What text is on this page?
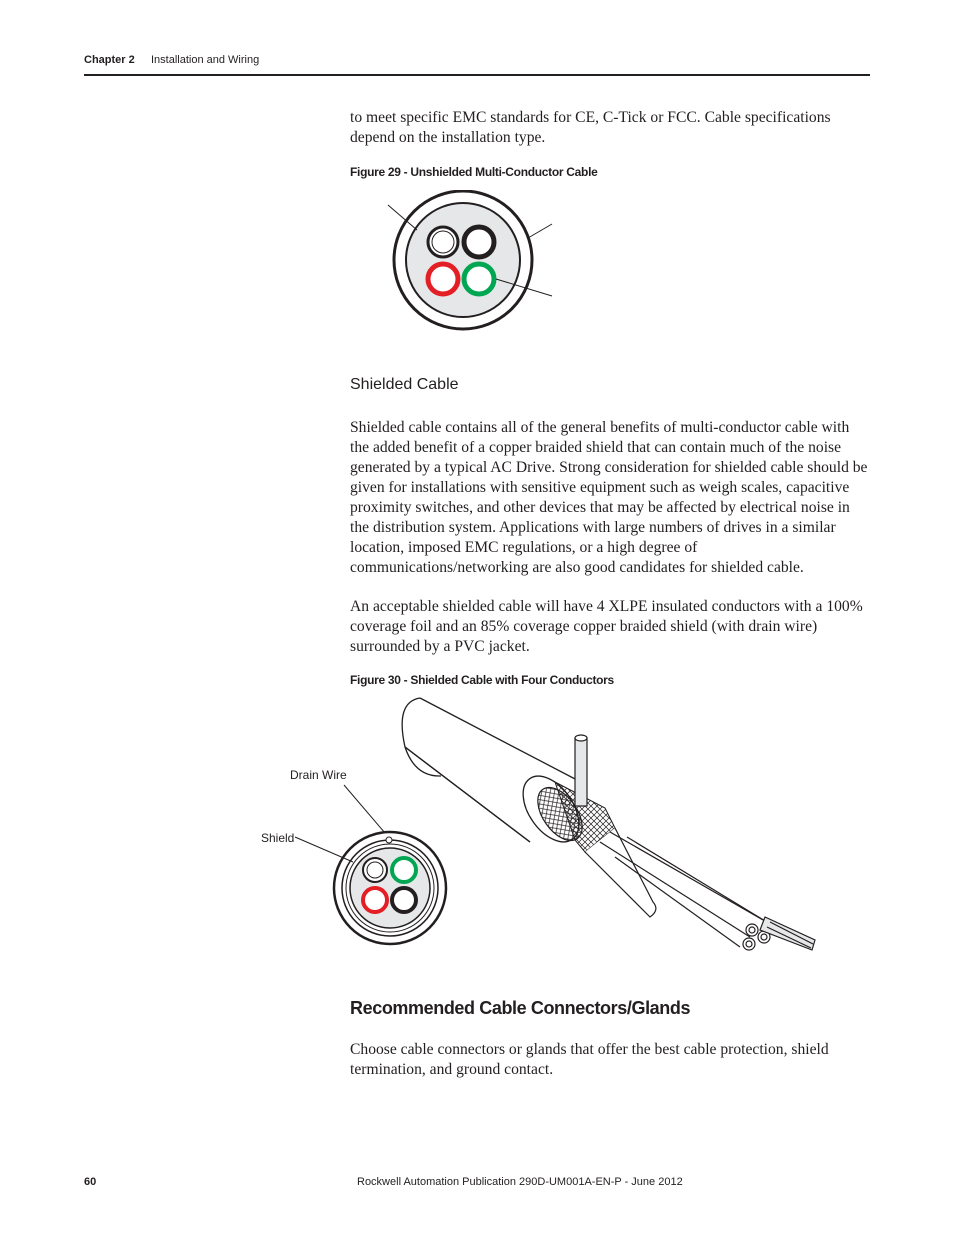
Chapter 2 Installation and Wiring
to meet specific EMC standards for CE, C-Tick or FCC. Cable specifications depend on the installation type.
Figure 29 - Unshielded Multi-Conductor Cable
Shielded Cable
Shielded cable contains all of the general benefits of multi-conductor cable with the added benefit of a copper braided shield that can contain much of the noise generated by a typical AC Drive. Strong consideration for shielded cable should be given for installations with sensitive equipment such as weigh scales, capacitive proximity switches, and other devices that may be affected by electrical noise in the distribution system. Applications with large numbers of drives in a similar location, imposed EMC regulations, or a high degree of communications/networking are also good candidates for shielded cable.
An acceptable shielded cable will have 4 XLPE insulated conductors with a 100% coverage foil and an 85% coverage copper braided shield (with drain wire) surrounded by a PVC jacket.
Figure 30 - Shielded Cable with Four Conductors
Drain Wire
Shield
Recommended Cable Connectors/Glands
Choose cable connectors or glands that offer the best cable protection, shield termination, and ground contact.
60	Rockwell Automation Publication 290D-UM001A-EN-P - June 2012
